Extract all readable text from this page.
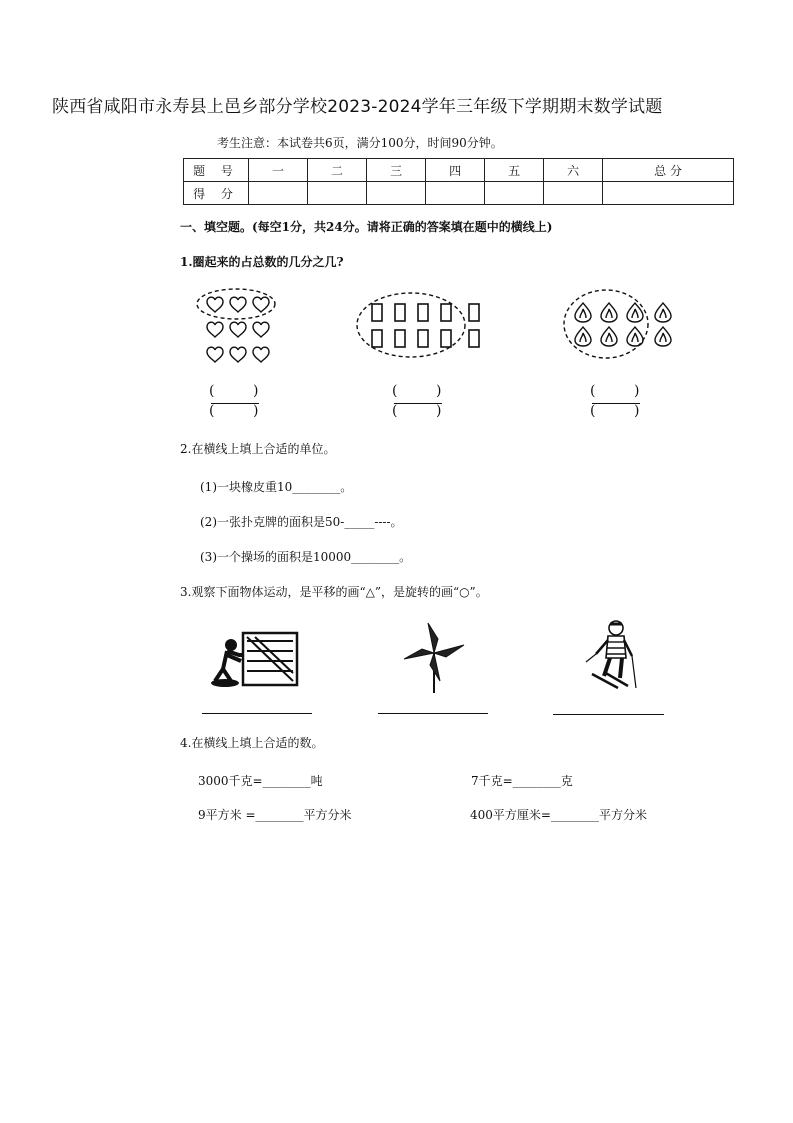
陕西省咸阳市永寿县上邑乡部分学校2023-2024学年三年级下学期期末数学试题
考生注意：本试卷共6页，满分100分，时间90分钟。
题 号	一	二	三	四	五	六	总 分
得 分							
一、填空题。(每空1分，共24分。请将正确的答案填在题中的横线上)
1.圈起来的占总数的几分之几?
(	)
(	)
(	)
(	)
(	)
(	)
2.在横线上填上合适的单位。
(1)一块橡皮重10________。
(2)一张扑克牌的面积是50-_____----。
(3)一个操场的面积是10000________。
3.观察下面物体运动，是平移的画“△”，是旋转的画“○”。
4.在横线上填上合适的数。
3000千克=________吨	7千克=________克
9平方米 =________平方分米	400平方厘米=________平方分米
